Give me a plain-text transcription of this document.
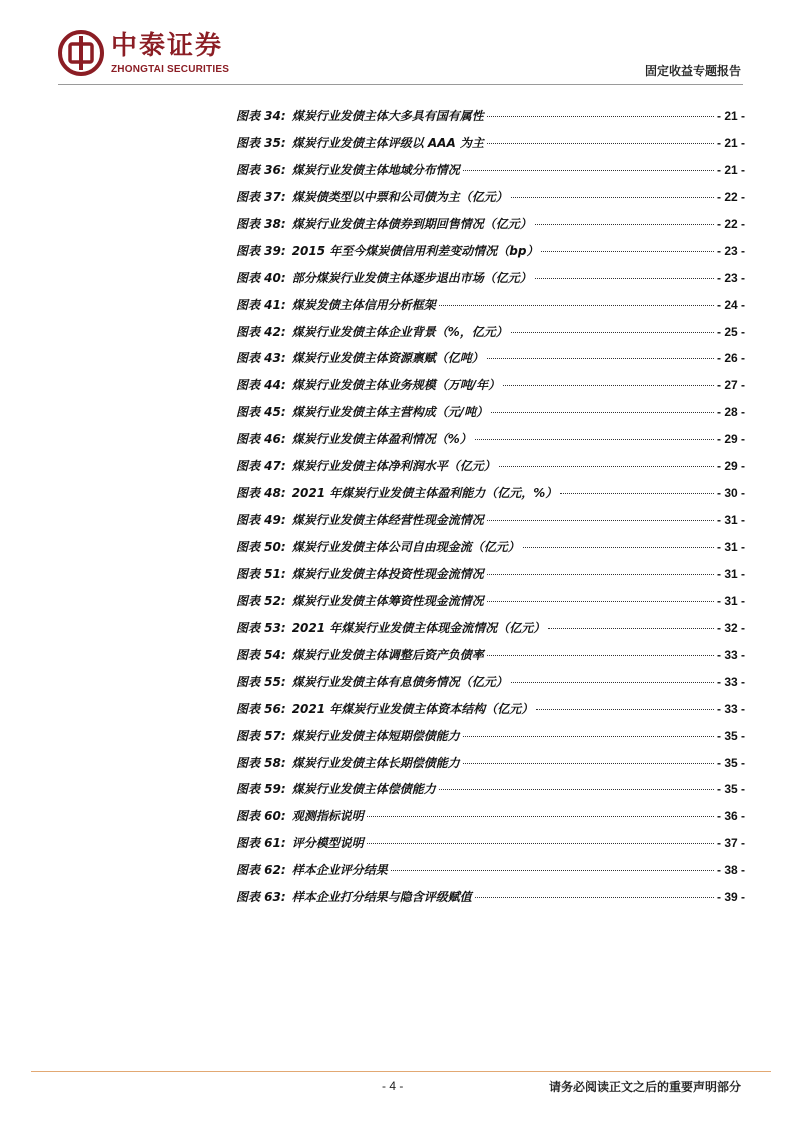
中泰证券
ZHONGTAI SECURITIES	固定收益专题报告
图表 34: 煤炭行业发债主体大多具有国有属性	- 21 -
图表 35: 煤炭行业发债主体评级以 AAA 为主	- 21 -
图表 36: 煤炭行业发债主体地域分布情况	- 21 -
图表 37: 煤炭债类型以中票和公司债为主（亿元）	- 22 -
图表 38: 煤炭行业发债主体债券到期回售情况（亿元）	- 22 -
图表 39: 2015 年至今煤炭债信用利差变动情况（bp）	- 23 -
图表 40: 部分煤炭行业发债主体逐步退出市场（亿元）	- 23 -
图表 41: 煤炭发债主体信用分析框架	- 24 -
图表 42: 煤炭行业发债主体企业背景（%，亿元）	- 25 -
图表 43: 煤炭行业发债主体资源禀赋（亿吨）	- 26 -
图表 44: 煤炭行业发债主体业务规模（万吨/年）	- 27 -
图表 45: 煤炭行业发债主体主营构成（元/吨）	- 28 -
图表 46: 煤炭行业发债主体盈利情况（%）	- 29 -
图表 47: 煤炭行业发债主体净利润水平（亿元）	- 29 -
图表 48: 2021 年煤炭行业发债主体盈利能力（亿元，%）	- 30 -
图表 49: 煤炭行业发债主体经营性现金流情况	- 31 -
图表 50: 煤炭行业发债主体公司自由现金流（亿元）	- 31 -
图表 51: 煤炭行业发债主体投资性现金流情况	- 31 -
图表 52: 煤炭行业发债主体筹资性现金流情况	- 31 -
图表 53: 2021 年煤炭行业发债主体现金流情况（亿元）	- 32 -
图表 54: 煤炭行业发债主体调整后资产负债率	- 33 -
图表 55: 煤炭行业发债主体有息债务情况（亿元）	- 33 -
图表 56: 2021 年煤炭行业发债主体资本结构（亿元）	- 33 -
图表 57: 煤炭行业发债主体短期偿债能力	- 35 -
图表 58: 煤炭行业发债主体长期偿债能力	- 35 -
图表 59: 煤炭行业发债主体偿债能力	- 35 -
图表 60: 观测指标说明	- 36 -
图表 61: 评分模型说明	- 37 -
图表 62: 样本企业评分结果	- 38 -
图表 63: 样本企业打分结果与隐含评级赋值	- 39 -
- 4 -	请务必阅读正文之后的重要声明部分
